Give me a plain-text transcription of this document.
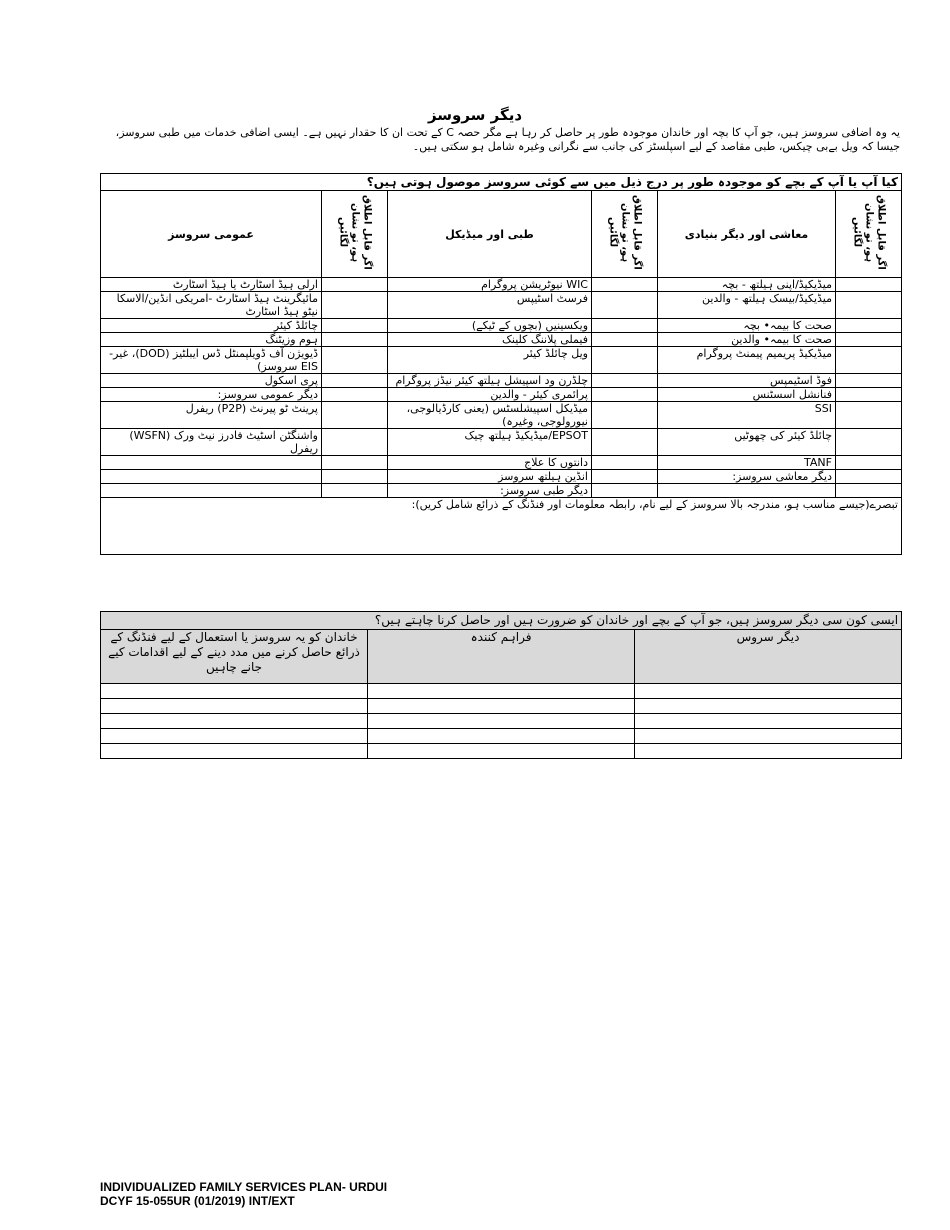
دیگر سروسز
یہ وہ اضافی سروسز ہیں، جو آپ کا بچہ اور خاندان موجودہ طور پر حاصل کر رہا ہے مگر حصہ C کے تحت ان کا حقدار نہیں ہے۔ ایسی اضافی خدمات میں طبی سروسز، جیسا کہ ویل بےبی چیکس، طبی مقاصد کے لیے اسپلسٹز کی جانب سے نگرانی وغیرہ شامل ہو سکتی ہیں۔
کیا آپ یا آپ کے بچے کو موجودہ طور پر درج ذیل میں سے کوئی سروسز موصول ہوتی ہیں؟					
اگر قابل اطلاق ہو، تو نشان لگائیں	معاشی اور دیگر بنیادی	اگر قابل اطلاق ہو، تو نشان لگائیں	طبی اور میڈیکل	اگر قابل اطلاق ہو، تو نشان لگائیں	عمومی سروسز
	میڈیکیڈ/اپنی ہیلتھ - بچہ		WIC نیوٹریشن پروگرام		ارلی ہیڈ اسٹارٹ یا ہیڈ اسٹارٹ
	میڈیکیڈ/بیسک ہیلتھ - والدین		فرسٹ اسٹیپس		مائیگرینٹ ہیڈ اسٹارٹ -امریکی انڈین/الاسکا نیٹو ہیڈ اسٹارٹ
	صحت کا بیمہ• بچہ		ویکسینیں (بچوں کے ٹیکے)		چائلڈ کیئر
	صحت کا بیمہ• والدین		فیملی پلاننگ کلینک		ہوم وزیٹنگ
	میڈیکیڈ پریمیم پیمنٹ پروگرام		ویل چائلڈ کیئر		ڈیویژن آف ڈویلپمنٹل ڈس ایبلٹیز (DOD)، غیر-EIS سروسز)
	فوڈ اسٹیمپس		چلڈرن ود اسپیشل ہیلتھ کیئر نیڈز پروگرام		پری اسکول
	فنانشل اسسٹنس		پرائمری کیئر - والدین		دیگر عمومی سروسز:
	SSI		میڈیکل اسپیشلسٹس (یعنی کارڈیالوجی، نیورولوجی، وغیرہ)		پرینٹ ٹو پیرنٹ (P2P) ریفرل
	چائلڈ کیئر کی چھوٹیں		EPSOT/میڈیکیڈ ہیلتھ چیک		واشنگٹن اسٹیٹ فادرز نیٹ ورک (WSFN) ریفرل
	TANF		دانتوں کا علاج		
	دیگر معاشی سروسز:		انڈین ہیلتھ سروسز		
			دیگر طبی سروسز:		
تبصرے(جیسے مناسب ہو، مندرجہ بالا سروسز کے لیے نام، رابطہ معلومات اور فنڈنگ کے ذرائع شامل کریں):					
ایسی کون سی دیگر سروسز ہیں، جو آپ کے بچے اور خاندان کو ضرورت ہیں اور حاصل کرنا چاہتے ہیں؟		
دیگر سروس	فراہم کنندہ	خاندان کو یہ سروسز یا استعمال کے لیے فنڈنگ کے ذرائع حاصل کرنے میں مدد دینے کے لیے اقدامات کیے جانے چاہیں

INDIVIDUALIZED FAMILY SERVICES PLAN- URDUI
DCYF 15-055UR (01/2019) INT/EXT
